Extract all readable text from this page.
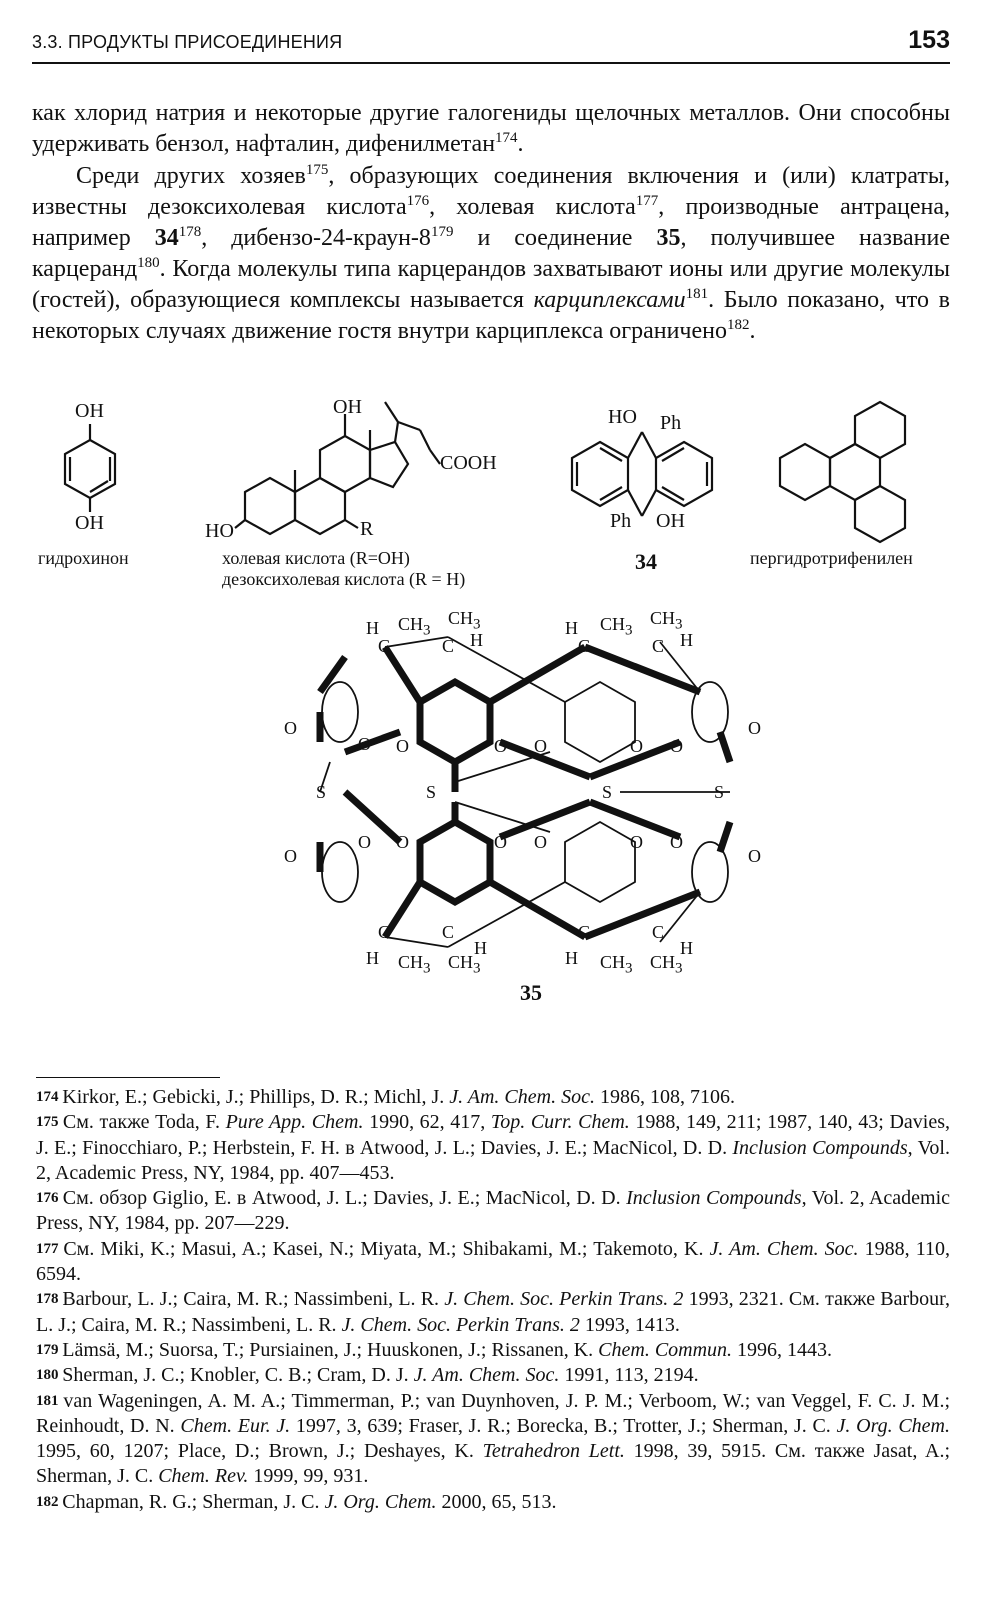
3.3. ПРОДУКТЫ ПРИСОЕДИНЕНИЯ	153
как хлорид натрия и некоторые другие галогениды щелочных металлов. Они способны удерживать бензол, нафталин, дифенилметан$^{174}$.
Среди других хозяев$^{175}$, образующих соединения включения и (или) клатраты, известны дезоксихолевая кислота$^{176}$, холевая кислота$^{177}$, производные антрацена, например $34^{178}$, дибензо-$24-краун-8^{179}$ и соединение 35, получившее название карцеранд$^{180}$. Когда молекулы типа карцерандов захватывают ионы или другие молекулы (гостей), образующиеся комплексы называется карциплексами$^{181}$. Было показано, что в некоторых случаях движение гостя внутри карциплекса ограничено$^{182}$.
OH
OH
гидрохинон
OH
COOH
HO	R
холевая кислота (R=OH)
дезоксихолевая кислота (R = H)
HO Ph
Ph OH
34	пергидротрифенилен
H $CH_3$
$CH_3$
H
H $CH_3$
$CH_3$
H
C	C	C	C
O
O O	O O	O O
O
S	S	S	S
O
O O	O O	O O
O
C	C	C	C
H $CH_3$ $CH_3$
H	H $CH_3$ $CH_3$
H
35

174 Kirkor, E.; Gebicki, J.; Phillips, D. R.; Michl, J. J. Am. Chem. Soc. 1986, 108, 7106.

175 См. также Toda, F. Pure App. Chem. 1990, 62, 417, Top. Curr. Chem. 1988, 149, 211; 1987, 140, 43; Davies, J. E.; Finocchiaro, P.; Herbstein, F. H. в Atwood, J. L.; Davies, J. E.; MacNicol, D. D. Inclusion Compounds, Vol. 2, Academic Press, NY, 1984, pp. 407—453.

176 См. обзор Giglio, E. в Atwood, J. L.; Davies, J. E.; MacNicol, D. D. Inclusion Compounds, Vol. 2, Academic Press, NY, 1984, pp. 207—229.

177 См. Miki, K.; Masui, A.; Kasei, N.; Miyata, M.; Shibakami, M.; Takemoto, K. J. Am. Chem. Soc. 1988, 110, 6594.

178 Barbour, L. J.; Caira, M. R.; Nassimbeni, L. R. J. Chem. Soc. Perkin Trans. 2 1993, 2321. См. также Barbour, L. J.; Caira, M. R.; Nassimbeni, L. R. J. Chem. Soc. Perkin Trans. 2 1993, 1413.

179 Lämsä, M.; Suorsa, T.; Pursiainen, J.; Huuskonen, J.; Rissanen, K. Chem. Commun. 1996, 1443.

180 Sherman, J. C.; Knobler, C. B.; Cram, D. J. J. Am. Chem. Soc. 1991, 113, 2194.

181 van Wageningen, A. M. A.; Timmerman, P.; van Duynhoven, J. P. M.; Verboom, W.; van Veggel, F. C. J. M.; Reinhoudt, D. N. Chem. Eur. J. 1997, 3, 639; Fraser, J. R.; Borecka, B.; Trotter, J.; Sherman, J. C. J. Org. Chem. 1995, 60, 1207; Place, D.; Brown, J.; Deshayes, K. Tetrahedron Lett. 1998, 39, 5915. См. также Jasat, A.; Sherman, J. C. Chem. Rev. 1999, 99, 931.

182 Chapman, R. G.; Sherman, J. C. J. Org. Chem. 2000, 65, 513.
